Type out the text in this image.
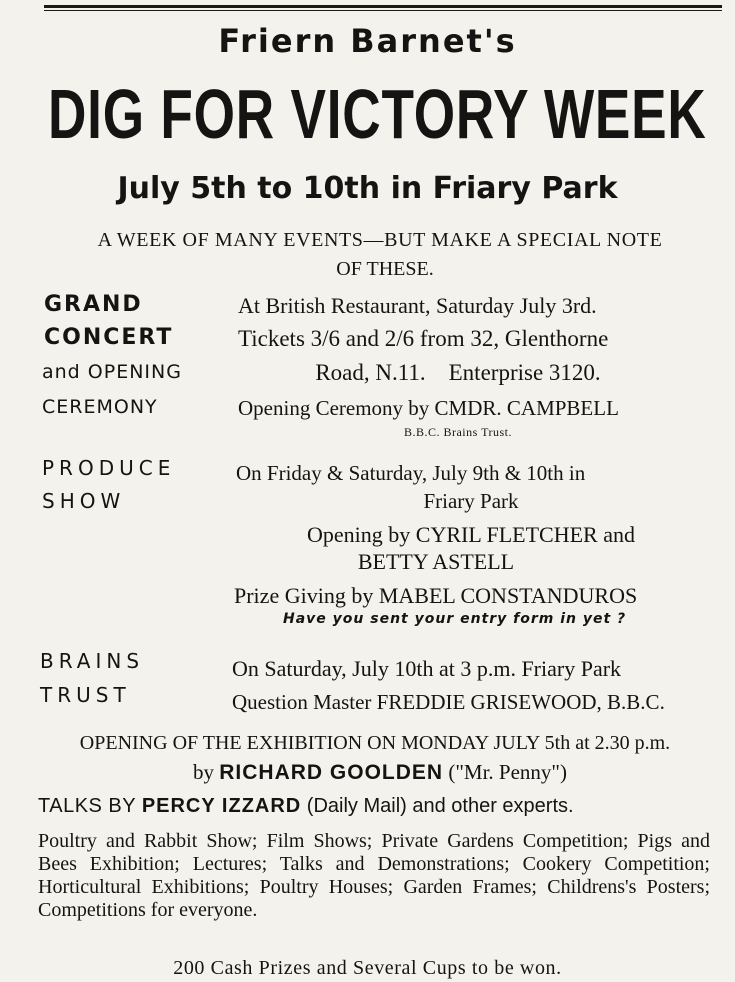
Friern Barnet's
DIG FOR VICTORY WEEK
July 5th to 10th in Friary Park
A WEEK OF MANY EVENTS—BUT MAKE A SPECIAL NOTE
OF THESE.
GRAND
CONCERT
and OPENING
CEREMONY
At British Restaurant, Saturday July 3rd.
Tickets 3/6 and 2/6 from 32, Glenthorne
Road, N.11.    Enterprise 3120.
Opening Ceremony by CMDR. CAMPBELL
B.B.C. Brains Trust.
PRODUCE
SHOW
On Friday & Saturday, July 9th & 10th in
Friary Park
Opening by CYRIL FLETCHER and
BETTY ASTELL
Prize Giving by MABEL CONSTANDUROS
Have you sent your entry form in yet ?
BRAINS
TRUST
On Saturday, July 10th at 3 p.m. Friary Park
Question Master FREDDIE GRISEWOOD, B.B.C.
OPENING OF THE EXHIBITION ON MONDAY JULY 5th at 2.30 p.m.
by RICHARD GOOLDEN ("Mr. Penny")
TALKS BY PERCY IZZARD (Daily Mail) and other experts.
Poultry and Rabbit Show; Film Shows; Private Gardens Competition; Pigs and Bees Exhibition; Lectures; Talks and Demonstrations; Cookery Competition; Horticultural Exhibitions; Poultry Houses; Garden Frames; Childrens's Posters; Competitions for everyone.
200 Cash Prizes and Several Cups to be won.
